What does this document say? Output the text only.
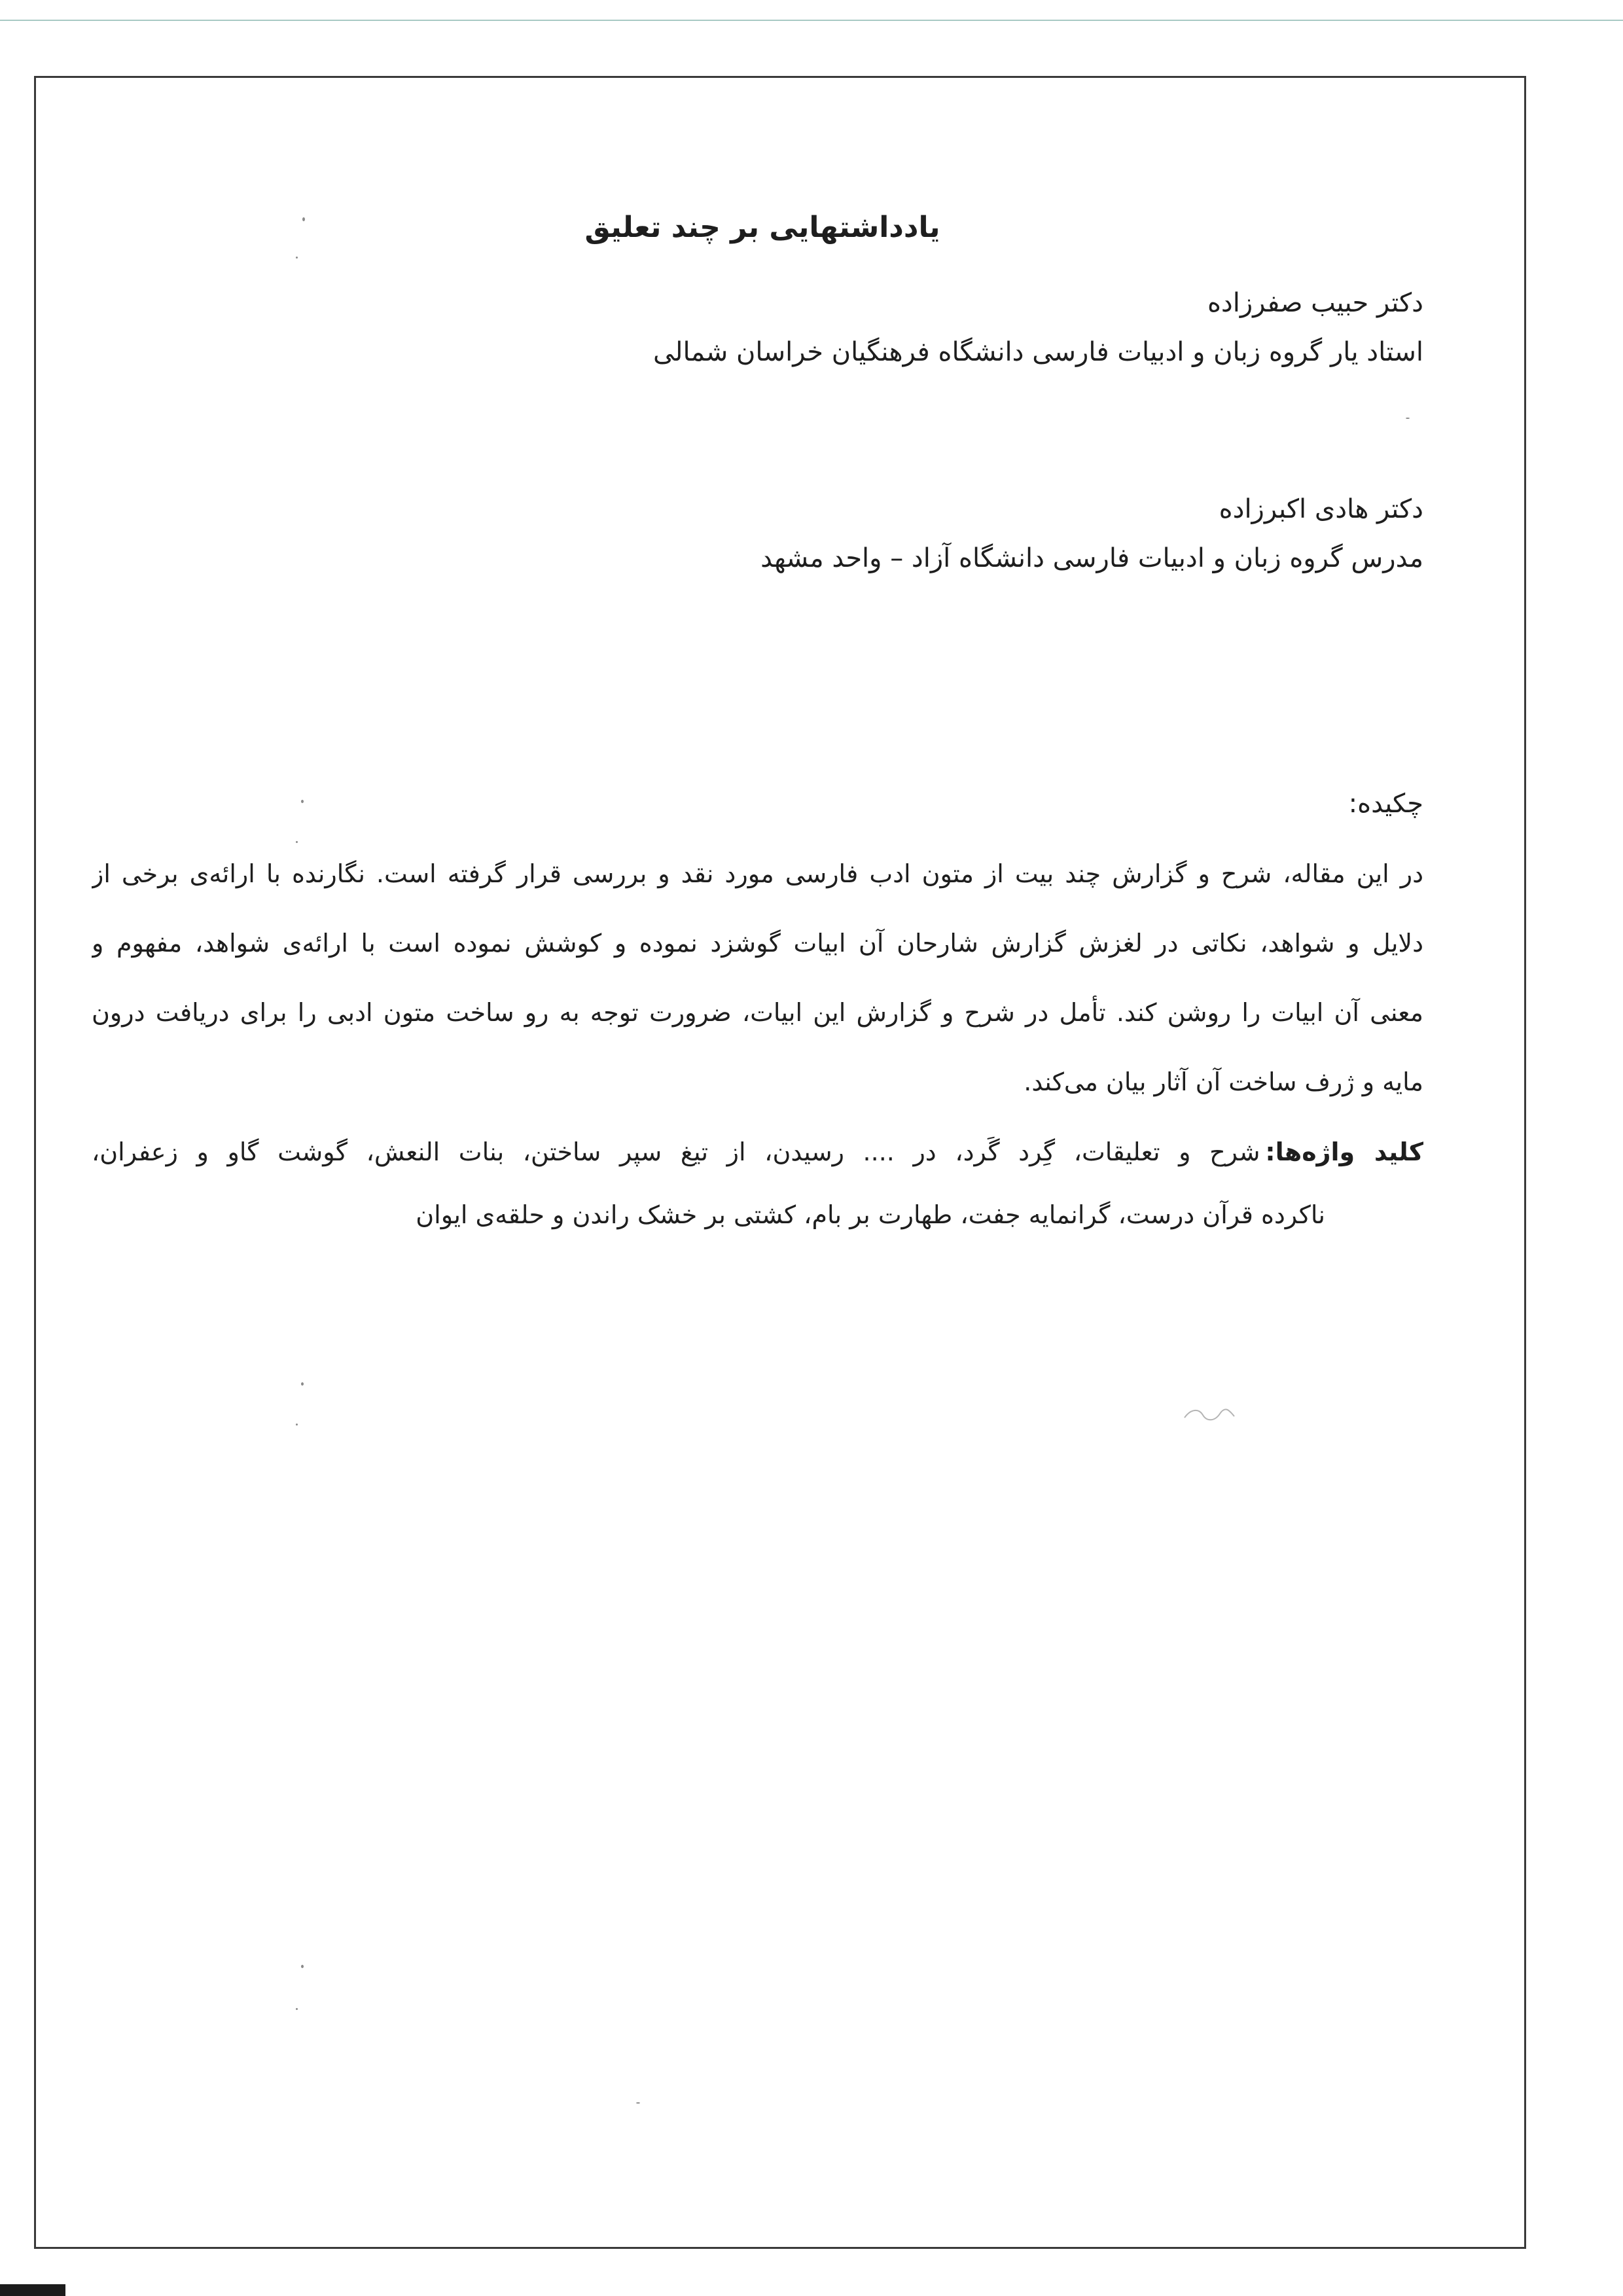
یادداشتهایی بر چند تعلیق
دکتر حبیب صفرزاده
استاد یار گروه زبان و ادبیات فارسی دانشگاه فرهنگیان خراسان شمالی
دکتر هادی اکبرزاده
مدرس گروه زبان و ادبیات فارسی دانشگاه آزاد – واحد مشهد
چکیده:
در این مقاله، شرح و گزارش چند بیت از متون ادب فارسی مورد نقد و بررسی قرار گرفته است. نگارنده با ارائه‌ی برخی از
دلایل و شواهد، نکاتی در لغزش گزارش شارحان آن ابیات گوشزد نموده و کوشش نموده است با ارائه‌ی شواهد، مفهوم و
معنی آن ابیات را روشن کند. تأمل در شرح و گزارش این ابیات، ضرورت توجه به رو ساخت متون ادبی را برای دریافت درون
مایه و ژرف ساخت آن آثار بیان می‌کند.
کلید واژه‌ها:شرح و تعلیقات، گِرد گَرد، در .... رسیدن، از تیغ سپر ساختن، بنات النعش، گوشت گاو و زعفران،
ناکرده قرآن درست، گرانمایه جفت، طهارت بر بام، کشتی بر خشک راندن و حلقه‌ی ایوان
